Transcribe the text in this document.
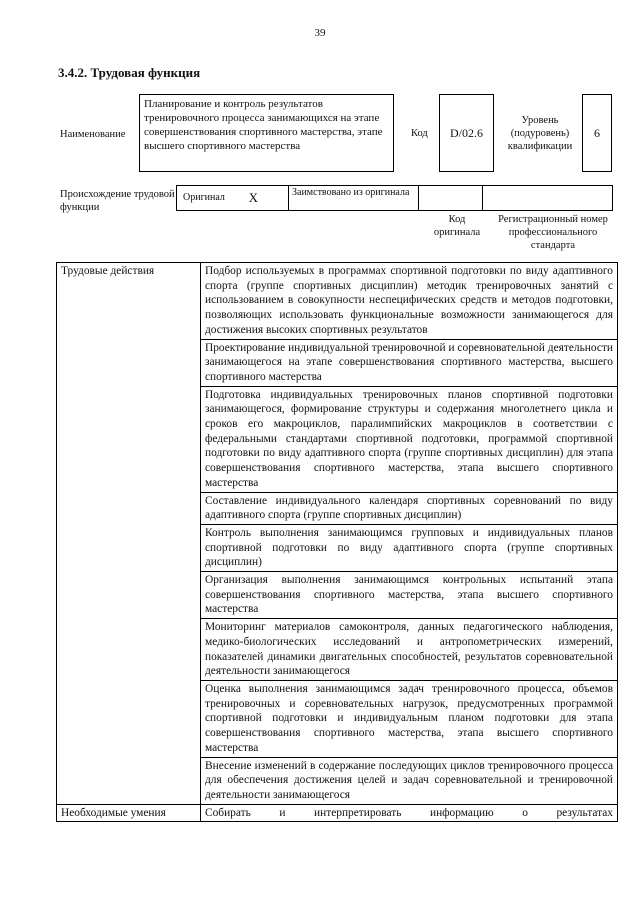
39
3.4.2. Трудовая функция
Наименование
Планирование и контроль результатов тренировочного процесса занимающихся на этапе совершенствования спортивного мастерства, этапе высшего спортивного мастерства
Код	D/02.6
Уровень (подуровень) квалификации
6
Происхождение трудовой функции
Оригинал X	Заимствовано из оригинала
Код оригинала
Регистрационный номер профессионального стандарта
Трудовые действия	Подбор используемых в программах спортивной подготовки по виду адаптивного спорта (группе спортивных дисциплин) методик тренировочных занятий с использованием в совокупности неспецифических средств и методов подготовки, позволяющих использовать функциональные возможности занимающегося для достижения высоких спортивных результатов
	Проектирование индивидуальной тренировочной и соревновательной деятельности занимающегося на этапе совершенствования спортивного мастерства, высшего спортивного мастерства
	Подготовка индивидуальных тренировочных планов спортивной подготовки занимающегося, формирование структуры и содержания многолетнего цикла и сроков его макроциклов, паралимпийских макроциклов в соответствии с федеральными стандартами спортивной подготовки, программой спортивной подготовки по виду адаптивного спорта (группе спортивных дисциплин) для этапа совершенствования спортивного мастерства, этапа высшего спортивного мастерства
	Составление индивидуального календаря спортивных соревнований по виду адаптивного спорта (группе спортивных дисциплин)
	Контроль выполнения занимающимся групповых и индивидуальных планов спортивной подготовки по виду адаптивного спорта (группе спортивных дисциплин)
	Организация выполнения занимающимся контрольных испытаний этапа совершенствования спортивного мастерства, этапа высшего спортивного мастерства
	Мониторинг материалов самоконтроля, данных педагогического наблюдения, медико-биологических исследований и антропометрических измерений, показателей динамики двигательных способностей, результатов соревновательной деятельности занимающегося
	Оценка выполнения занимающимся задач тренировочного процесса, объемов тренировочных и соревновательных нагрузок, предусмотренных программой спортивной подготовки и индивидуальным планом подготовки для этапа совершенствования спортивного мастерства, этапа высшего спортивного мастерства
	Внесение изменений в содержание последующих циклов тренировочного процесса для обеспечения достижения целей и задач соревновательной и тренировочной деятельности занимающегося
Необходимые умения	Собирать и интерпретировать информацию о результатах
